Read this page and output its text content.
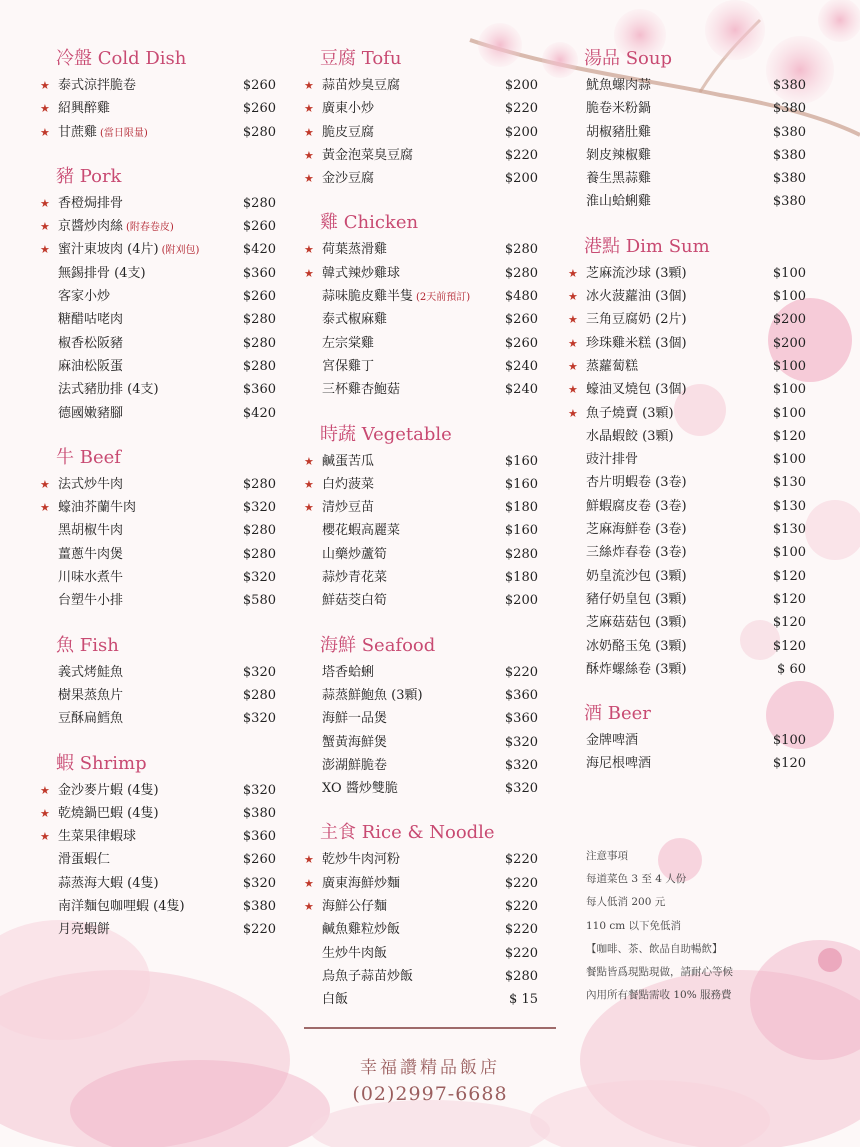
冷盤 Cold Dish
★ 泰式涼拌脆卷	$260
★ 紹興醉雞	$260
★ 甘蔗雞 (當日限量)	$280
豬 Pork
★ 香橙焗排骨	$280
★ 京醬炒肉絲 (附春卷皮)	$260
★ 蜜汁東坡肉 (4片) (附刈包)	$420
無錫排骨 (4支)	$360
客家小炒	$260
糖醋咕咾肉	$280
椒香松阪豬	$280
麻油松阪蛋	$280
法式豬肋排 (4支)	$360
德國嫩豬腳	$420
牛 Beef
★ 法式炒牛肉	$280
★ 蠔油芥蘭牛肉	$320
黑胡椒牛肉	$280
薑蔥牛肉煲	$280
川味水煮牛	$320
台塑牛小排	$580
魚 Fish
義式烤鮭魚	$320
樹果蒸魚片	$280
豆酥扁鱈魚	$320
蝦 Shrimp
★ 金沙麥片蝦 (4隻)	$320
★ 乾燒鍋巴蝦 (4隻)	$380
★ 生菜果律蝦球	$360
滑蛋蝦仁	$260
蒜蒸海大蝦 (4隻)	$320
南洋麵包咖哩蝦 (4隻)	$380
月亮蝦餅	$220
豆腐 Tofu
★ 蒜苗炒臭豆腐	$200
★ 廣東小炒	$220
★ 脆皮豆腐	$200
★ 黃金泡菜臭豆腐	$220
★ 金沙豆腐	$200
雞 Chicken
★ 荷葉蒸滑雞	$280
★ 韓式辣炒雞球	$280
蒜味脆皮雞半隻 (2天前預訂)	$480
泰式椒麻雞	$260
左宗棠雞	$260
宮保雞丁	$240
三杯雞杏鮑菇	$240
時蔬 Vegetable
★ 鹹蛋苦瓜	$160
★ 白灼菠菜	$160
★ 清炒豆苗	$180
櫻花蝦高麗菜	$160
山藥炒蘆筍	$280
蒜炒青花菜	$180
鮮菇茭白筍	$200
海鮮 Seafood
塔香蛤蜊	$220
蒜蒸鮮鮑魚 (3顆)	$360
海鮮一品煲	$360
蟹黃海鮮煲	$320
澎湖鮮脆卷	$320
XO 醬炒雙脆	$320
主食 Rice & Noodle
★ 乾炒牛肉河粉	$220
★ 廣東海鮮炒麵	$220
★ 海鮮公仔麵	$220
鹹魚雞粒炒飯	$220
生炒牛肉飯	$220
烏魚子蒜苗炒飯	$280
白飯	$ 15
湯品 Soup
魷魚螺肉蒜	$380
脆卷米粉鍋	$380
胡椒豬肚雞	$380
剝皮辣椒雞	$380
養生黑蒜雞	$380
淮山蛤蜊雞	$380
港點 Dim Sum
★ 芝麻流沙球 (3顆)	$100
★ 冰火菠蘿油 (3個)	$100
★ 三角豆腐奶 (2片)	$200
★ 珍珠雞米糕 (3個)	$200
★ 蒸蘿蔔糕	$100
★ 蠔油叉燒包 (3個)	$100
★ 魚子燒賣 (3顆)	$100
水晶蝦餃 (3顆)	$120
豉汁排骨	$100
杏片明蝦卷 (3卷)	$130
鮮蝦腐皮卷 (3卷)	$130
芝麻海鮮卷 (3卷)	$130
三絲炸春卷 (3卷)	$100
奶皇流沙包 (3顆)	$120
豬仔奶皇包 (3顆)	$120
芝麻菇菇包 (3顆)	$120
冰奶酪玉兔 (3顆)	$120
酥炸螺絲卷 (3顆)	$ 60
酒 Beer
金牌啤酒	$100
海尼根啤酒	$120
注意事項
每道菜色 3 至 4 人份
每人低消 200 元
110 cm 以下免低消
【咖啡、茶、飲品自助暢飲】
餐點皆爲現點現做，請耐心等候
內用所有餐點需收 10% 服務費
幸福讚精品飯店
(02)2997-6688
